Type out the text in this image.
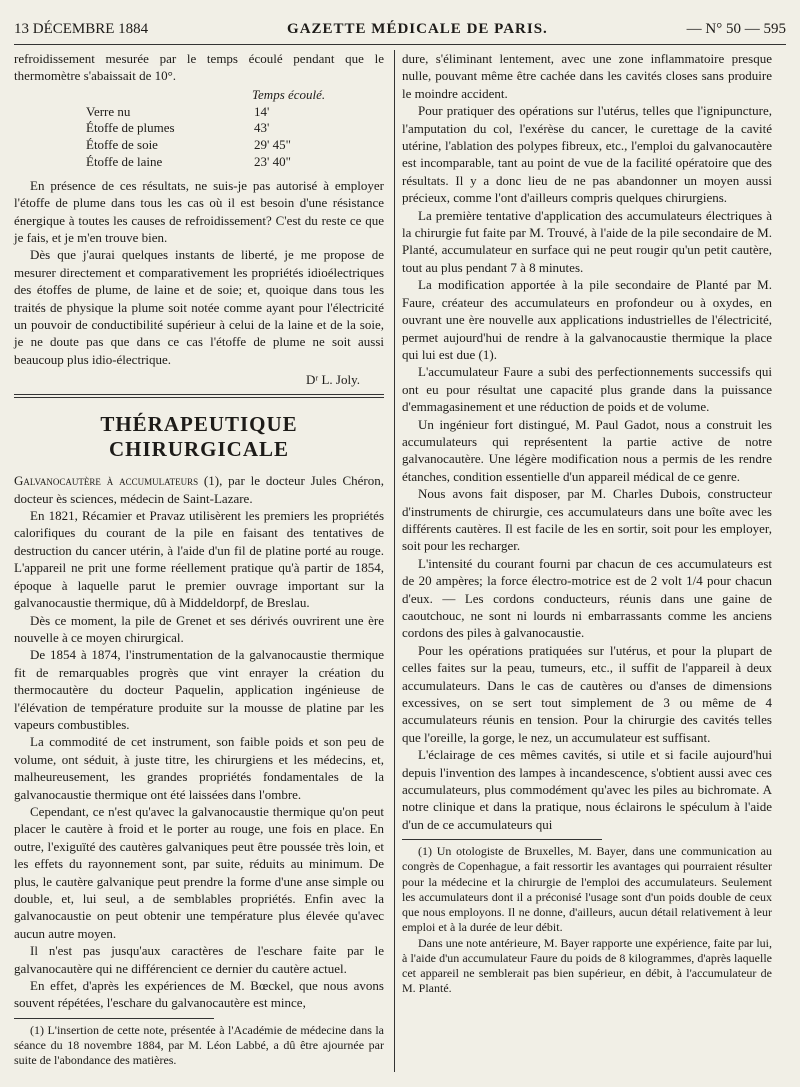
13 DÉCEMBRE 1884	GAZETTE MÉDICALE DE PARIS.	— N° 50 — 595

refroidissement mesurée par le temps écoulé pendant que le thermomètre s'abaissait de 10°.

Temps écoulé.
Verre nu	14'
Étoffe de plumes	43'
Étoffe de soie	29' 45"
Étoffe de laine	23' 40"

En présence de ces résultats, ne suis-je pas autorisé à employer l'étoffe de plume dans tous les cas où il est besoin d'une résistance énergique à toutes les causes de refroidissement? C'est du reste ce que je fais, et je m'en trouve bien.

Dès que j'aurai quelques instants de liberté, je me propose de mesurer directement et comparativement les propriétés idioélectriques des étoffes de plume, de laine et de soie; et, quoique dans tous les traités de physique la plume soit notée comme ayant pour l'électricité un pouvoir de conductibilité supérieur à celui de la laine et de la soie, je ne doute pas que dans ce cas l'étoffe de plume ne soit aussi beaucoup plus idio-électrique.

Dʳ L. Joly.
THÉRAPEUTIQUE CHIRURGICALE

Galvanocautère à accumulateurs (1), par le docteur Jules Chéron, docteur ès sciences, médecin de Saint-Lazare.

En 1821, Récamier et Pravaz utilisèrent les premiers les propriétés calorifiques du courant de la pile en faisant des tentatives de destruction du cancer utérin, à l'aide d'un fil de platine porté au rouge. L'appareil ne prit une forme réellement pratique qu'à partir de 1854, époque à laquelle parut le premier ouvrage important sur la galvanocaustie thermique, dû à Middeldorpf, de Breslau.

Dès ce moment, la pile de Grenet et ses dérivés ouvrirent une ère nouvelle à ce moyen chirurgical.

De 1854 à 1874, l'instrumentation de la galvanocaustie thermique fit de remarquables progrès que vint enrayer la création du thermocautère du docteur Paquelin, application ingénieuse de l'élévation de température produite sur la mousse de platine par les vapeurs combustibles.

La commodité de cet instrument, son faible poids et son peu de volume, ont séduit, à juste titre, les chirurgiens et les médecins, et, malheureusement, les grandes propriétés fondamentales de la galvanocaustie thermique ont été laissées dans l'ombre.

Cependant, ce n'est qu'avec la galvanocaustie thermique qu'on peut placer le cautère à froid et le porter au rouge, une fois en place. En outre, l'exiguïté des cautères galvaniques peut être poussée très loin, et les effets du rayonnement sont, par suite, réduits au minimum. De plus, le cautère galvanique peut prendre la forme d'une anse simple ou double, et, lui seul, a de semblables propriétés. Enfin avec la galvanocaustie on peut obtenir une température plus élevée qu'avec aucun autre moyen.

Il n'est pas jusqu'aux caractères de l'eschare faite par le galvanocautère qui ne différencient ce dernier du cautère actuel.

En effet, d'après les expériences de M. Bœckel, que nous avons souvent répétées, l'eschare du galvanocautère est mince,

(1) L'insertion de cette note, présentée à l'Académie de médecine dans la séance du 18 novembre 1884, par M. Léon Labbé, a dû être ajournée par suite de l'abondance des matières.

dure, s'éliminant lentement, avec une zone inflammatoire presque nulle, pouvant même être cachée dans les cavités closes sans produire le moindre accident.

Pour pratiquer des opérations sur l'utérus, telles que l'ignipuncture, l'amputation du col, l'exérèse du cancer, le curettage de la cavité utérine, l'ablation des polypes fibreux, etc., l'emploi du galvanocautère est incomparable, tant au point de vue de la facilité opératoire que des résultats. Il y a donc lieu de ne pas abandonner un moyen aussi précieux, comme l'ont d'ailleurs compris quelques chirurgiens.

La première tentative d'application des accumulateurs électriques à la chirurgie fut faite par M. Trouvé, à l'aide de la pile secondaire de M. Planté, accumulateur en surface qui ne peut rougir qu'un petit cautère, tout au plus pendant 7 à 8 minutes.

La modification apportée à la pile secondaire de Planté par M. Faure, créateur des accumulateurs en profondeur ou à oxydes, en ouvrant une ère nouvelle aux applications industrielles de l'électricité, permet aujourd'hui de rendre à la galvanocaustie thermique la place qui lui est due (1).

L'accumulateur Faure a subi des perfectionnements successifs qui ont eu pour résultat une capacité plus grande dans la puissance d'emmagasinement et une réduction de poids et de volume.

Un ingénieur fort distingué, M. Paul Gadot, nous a construit les accumulateurs qui représentent la partie active de notre galvanocautère. Une légère modification nous a permis de les rendre étanches, condition essentielle d'un appareil médical de ce genre.

Nous avons fait disposer, par M. Charles Dubois, constructeur d'instruments de chirurgie, ces accumulateurs dans une boîte avec les différents cautères. Il est facile de les en sortir, soit pour les employer, soit pour les recharger.

L'intensité du courant fourni par chacun de ces accumulateurs est de 20 ampères; la force électro-motrice est de 2 volt 1/4 pour chacun d'eux. — Les cordons conducteurs, réunis dans une gaine de caoutchouc, ne sont ni lourds ni embarrassants comme les anciens cordons des piles à galvanocaustie.

Pour les opérations pratiquées sur l'utérus, et pour la plupart de celles faites sur la peau, tumeurs, etc., il suffit de l'appareil à deux accumulateurs. Dans le cas de cautères ou d'anses de dimensions excessives, on se sert tout simplement de 3 ou même de 4 accumulateurs réunis en tension. Pour la chirurgie des cavités telles que l'oreille, la gorge, le nez, un accumulateur est suffisant.

L'éclairage de ces mêmes cavités, si utile et si facile aujourd'hui depuis l'invention des lampes à incandescence, s'obtient aussi avec ces accumulateurs, plus commodément qu'avec les piles au bichromate. A notre clinique et dans la pratique, nous éclairons le spéculum à l'aide d'un de ce accumulateurs qui

(1) Un otologiste de Bruxelles, M. Bayer, dans une communication au congrès de Copenhague, a fait ressortir les avantages qui pourraient résulter pour la médecine et la chirurgie de l'emploi des accumulateurs. Seulement les accumulateurs dont il a préconisé l'usage sont d'un poids double de ceux que nous employons. Il ne donne, d'ailleurs, aucun détail relativement à leur emploi et à la durée de leur débit.

Dans une note antérieure, M. Bayer rapporte une expérience, faite par lui, à l'aide d'un accumulateur Faure du poids de 8 kilogrammes, d'après laquelle cet appareil ne semblerait pas bien supérieur, en débit, à l'accumulateur de M. Planté.
